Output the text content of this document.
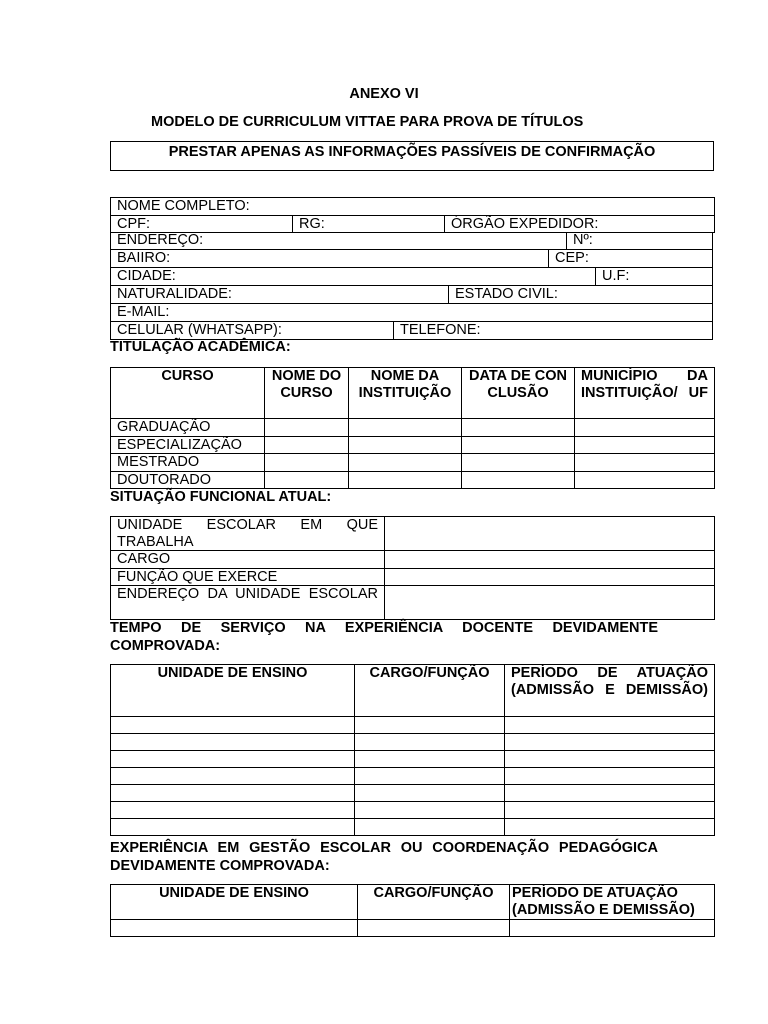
ANEXO VI
MODELO DE CURRICULUM VITTAE PARA PROVA DE TÍTULOS
PRESTAR APENAS AS INFORMAÇÕES PASSÍVEIS DE CONFIRMAÇÃO
NOME COMPLETO:
CPF:	RG:	ÓRGÃO EXPEDIDOR:
ENDEREÇO:	Nº:
BAIIRO:	CEP:
CIDADE:	U.F:
NATURALIDADE:	ESTADO CIVIL:
E-MAIL:
CELULAR (WHATSAPP):	TELEFONE:
TITULAÇÃO ACADÊMICA:
CURSO	NOME DO CURSO	NOME DA INSTITUIÇÃO	DATA DE CONCLUSÃO	MUNICÍPIO DA INSTITUIÇÃO/ UF
GRADUAÇÃO				
ESPECIALIZAÇÃO				
MESTRADO				
DOUTORADO				
SITUAÇÃO FUNCIONAL ATUAL:
UNIDADE ESCOLAR EM QUE TRABALHA	
CARGO	
FUNÇÃO QUE EXERCE	
ENDEREÇO DA UNIDADE ESCOLAR	
TEMPO DE SERVIÇO NA EXPERIÊNCIA DOCENTE DEVIDAMENTE COMPROVADA:
UNIDADE DE ENSINO	CARGO/FUNÇÃO	PERÍODO DE ATUAÇÃO (ADMISSÃO E DEMISSÃO)

EXPERIÊNCIA EM GESTÃO ESCOLAR OU COORDENAÇÃO PEDAGÓGICA DEVIDAMENTE COMPROVADA:
UNIDADE DE ENSINO	CARGO/FUNÇÃO	PERÍODO DE ATUAÇÃO (ADMISSÃO E DEMISSÃO)
